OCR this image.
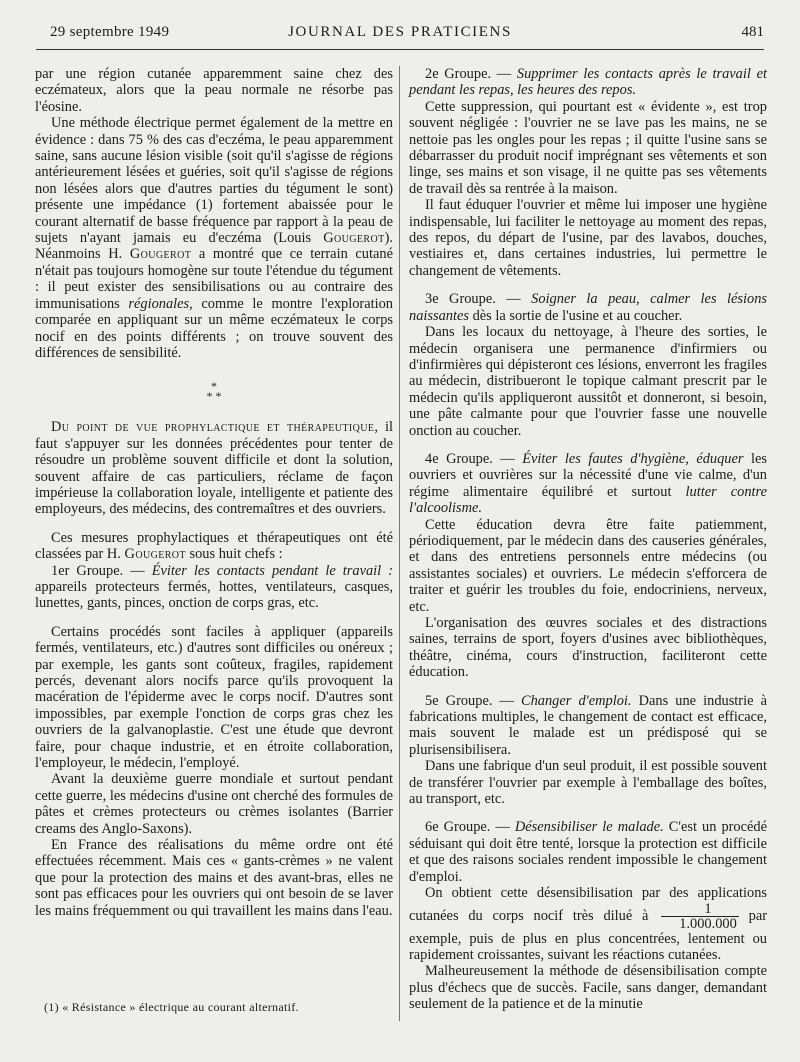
29 septembre 1949	JOURNAL DES PRATICIENS	481

par une région cutanée apparemment saine chez des eczémateux, alors que la peau normale ne résorbe pas l'éosine.

Une méthode électrique permet également de la mettre en évidence : dans 75 % des cas d'eczéma, le peau apparemment saine, sans aucune lésion visible (soit qu'il s'agisse de régions antérieurement lésées et guéries, soit qu'il s'agisse de régions non lésées alors que d'autres parties du tégument le sont) présente une impédance (1) fortement abaissée pour le courant alternatif de basse fréquence par rapport à la peau de sujets n'ayant jamais eu d'eczéma (Louis Gougerot). Néanmoins H. Gougerot a montré que ce terrain cutané n'était pas toujours homogène sur toute l'étendue du tégument : il peut exister des sensibilisations ou au contraire des immunisations régionales, comme le montre l'exploration comparée en appliquant sur un même eczémateux le corps nocif en des points différents ; on trouve souvent des différences de sensibilité.

*
* *

Du point de vue prophylactique et thérapeutique, il faut s'appuyer sur les données précédentes pour tenter de résoudre un problème souvent difficile et dont la solution, souvent affaire de cas particuliers, réclame de façon impérieuse la collaboration loyale, intelligente et patiente des employeurs, des médecins, des contremaîtres et des ouvriers.

Ces mesures prophylactiques et thérapeutiques ont été classées par H. Gougerot sous huit chefs :

1er Groupe. — Éviter les contacts pendant le travail : appareils protecteurs fermés, hottes, ventilateurs, casques, lunettes, gants, pinces, onction de corps gras, etc.

Certains procédés sont faciles à appliquer (appareils fermés, ventilateurs, etc.) d'autres sont difficiles ou onéreux ; par exemple, les gants sont coûteux, fragiles, rapidement percés, devenant alors nocifs parce qu'ils provoquent la macération de l'épiderme avec le corps nocif. D'autres sont impossibles, par exemple l'onction de corps gras chez les ouvriers de la galvanoplastie. C'est une étude que devront faire, pour chaque industrie, et en étroite collaboration, l'employeur, le médecin, l'employé.

Avant la deuxième guerre mondiale et surtout pendant cette guerre, les médecins d'usine ont cherché des formules de pâtes et crèmes protecteurs ou crèmes isolantes (Barrier creams des Anglo-Saxons).

En France des réalisations du même ordre ont été effectuées récemment. Mais ces « gants-crèmes » ne valent que pour la protection des mains et des avant-bras, elles ne sont pas efficaces pour les ouvriers qui ont besoin de se laver les mains fréquemment ou qui travaillent les mains dans l'eau.

(1) « Résistance » électrique au courant alternatif.

2e Groupe. — Supprimer les contacts après le travail et pendant les repas, les heures des repos.

Cette suppression, qui pourtant est « évidente », est trop souvent négligée : l'ouvrier ne se lave pas les mains, ne se nettoie pas les ongles pour les repas ; il quitte l'usine sans se débarrasser du produit nocif imprégnant ses vêtements et son linge, ses mains et son visage, il ne quitte pas ses vêtements de travail dès sa rentrée à la maison.

Il faut éduquer l'ouvrier et même lui imposer une hygiène indispensable, lui faciliter le nettoyage au moment des repas, des repos, du départ de l'usine, par des lavabos, douches, vestiaires et, dans certaines industries, lui permettre le changement de vêtements.

3e Groupe. — Soigner la peau, calmer les lésions naissantes dès la sortie de l'usine et au coucher.

Dans les locaux du nettoyage, à l'heure des sorties, le médecin organisera une permanence d'infirmiers ou d'infirmières qui dépisteront ces lésions, enverront les fragiles au médecin, distribueront le topique calmant prescrit par le médecin qu'ils appliqueront aussitôt et donneront, si besoin, une pâte calmante pour que l'ouvrier fasse une nouvelle onction au coucher.

4e Groupe. — Éviter les fautes d'hygiène, éduquer les ouvriers et ouvrières sur la nécessité d'une vie calme, d'un régime alimentaire équilibré et surtout lutter contre l'alcoolisme.

Cette éducation devra être faite patiemment, périodiquement, par le médecin dans des causeries générales, et dans des entretiens personnels entre médecins (ou assistantes sociales) et ouvriers. Le médecin s'efforcera de traiter et guérir les troubles du foie, endocriniens, nerveux, etc.

L'organisation des œuvres sociales et des distractions saines, terrains de sport, foyers d'usines avec bibliothèques, théâtre, cinéma, cours d'instruction, faciliteront cette éducation.

5e Groupe. — Changer d'emploi. Dans une industrie à fabrications multiples, le changement de contact est efficace, mais souvent le malade est un prédisposé qui se plurisensibilisera.

Dans une fabrique d'un seul produit, il est possible souvent de transférer l'ouvrier par exemple à l'emballage des boîtes, au transport, etc.

6e Groupe. — Désensibiliser le malade. C'est un procédé séduisant qui doit être tenté, lorsque la protection est difficile et que des raisons sociales rendent impossible le changement d'emploi.

On obtient cette désensibilisation par des applications cutanées du corps nocif très dilué à $\frac{1}{1.000.000}$ par exemple, puis de plus en plus concentrées, lentement ou rapidement croissantes, suivant les réactions cutanées.

Malheureusement la méthode de désensibilisation compte plus d'échecs que de succès. Facile, sans danger, demandant seulement de la patience et de la minutie
